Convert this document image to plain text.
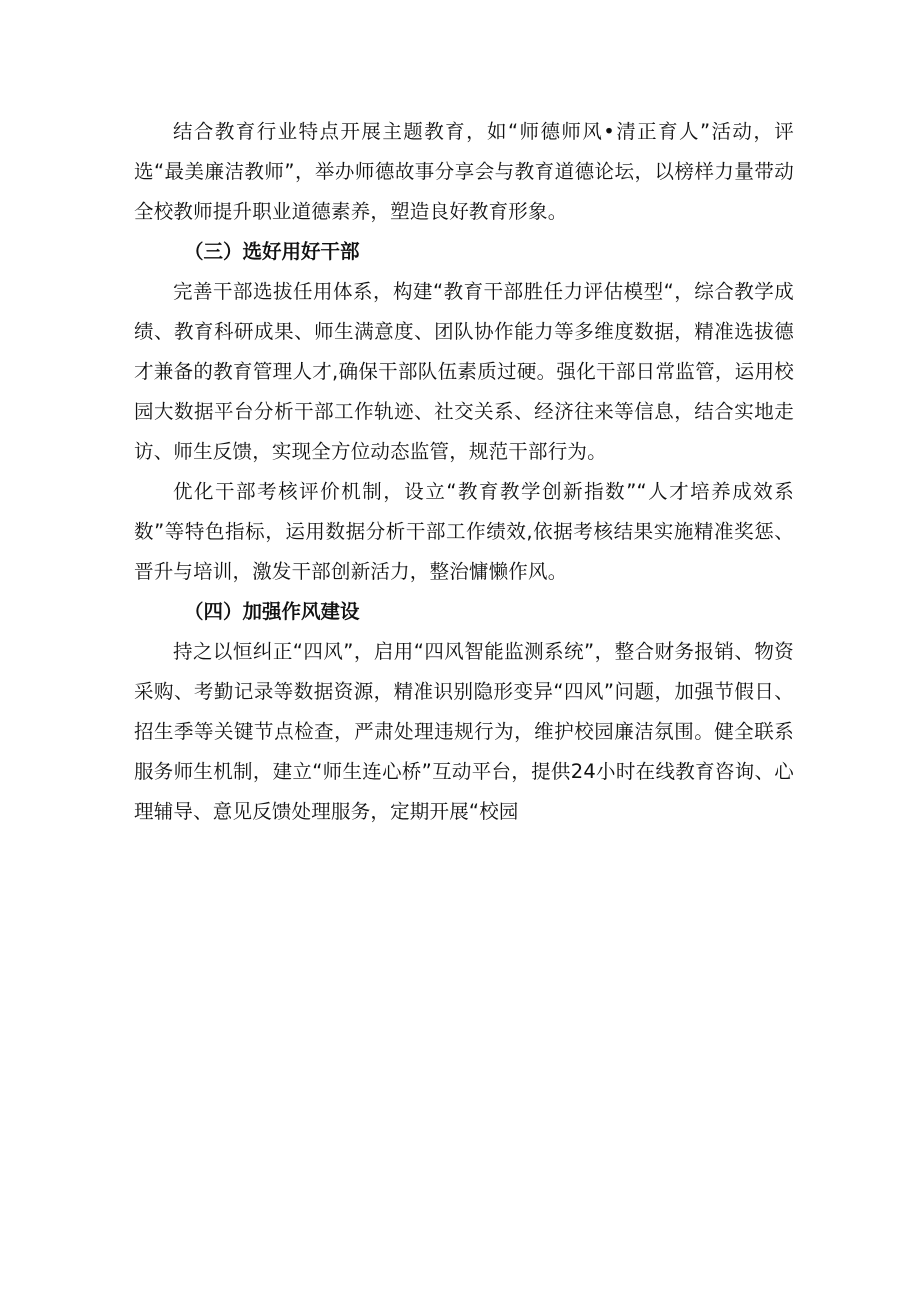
结合教育行业特点开展主题教育，如“师德师风•清正育人”活动，评选“最美廉洁教师”，举办师德故事分享会与教育道德论坛，以榜样力量带动全校教师提升职业道德素养，塑造良好教育形象。

（三）选好用好干部

完善干部选拔任用体系，构建“教育干部胜任力评估模型“，综合教学成绩、教育科研成果、师生满意度、团队协作能力等多维度数据，精准选拔德才兼备的教育管理人才,确保干部队伍素质过硬。强化干部日常监管，运用校园大数据平台分析干部工作轨迹、社交关系、经济往来等信息，结合实地走访、师生反馈，实现全方位动态监管，规范干部行为。

优化干部考核评价机制，设立“教育教学创新指数”“人才培养成效系数”等特色指标，运用数据分析干部工作绩效,依据考核结果实施精准奖惩、晋升与培训，激发干部创新活力，整治慵懒作风。

（四）加强作风建设

持之以恒纠正“四风”，启用“四风智能监测系统”，整合财务报销、物资采购、考勤记录等数据资源，精准识别隐形变异“四风”问题，加强节假日、招生季等关键节点检查，严肃处理违规行为，维护校园廉洁氛围。健全联系服务师生机制，建立“师生连心桥”互动平台，提供24小时在线教育咨询、心理辅导、意见反馈处理服务，定期开展“校园
